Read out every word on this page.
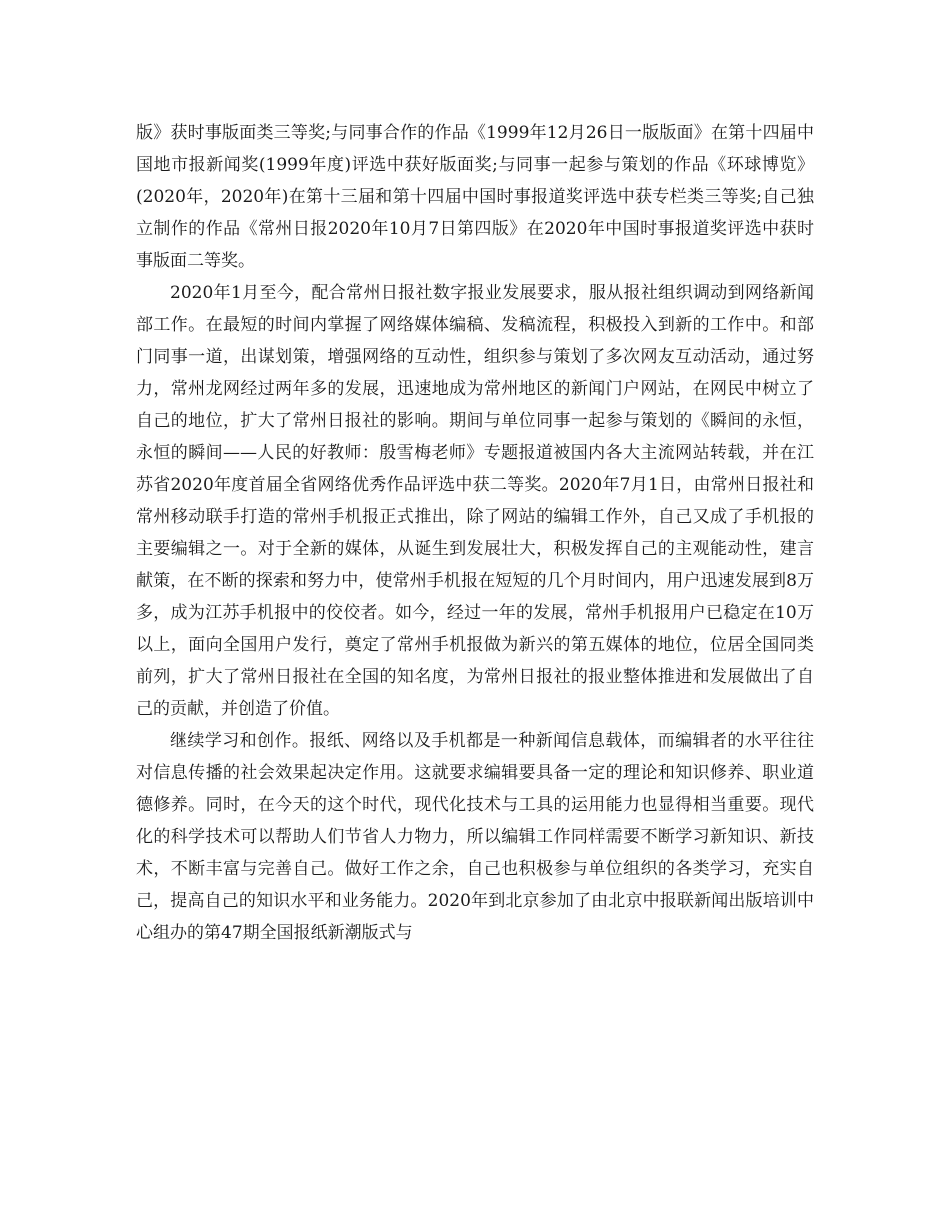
版》获时事版面类三等奖;与同事合作的作品《1999年12月26日一版版面》在第十四届中国地市报新闻奖(1999年度)评选中获好版面奖;与同事一起参与策划的作品《环球博览》(2020年，2020年)在第十三届和第十四届中国时事报道奖评选中获专栏类三等奖;自己独立制作的作品《常州日报2020年10月7日第四版》在2020年中国时事报道奖评选中获时事版面二等奖。

2020年1月至今，配合常州日报社数字报业发展要求，服从报社组织调动到网络新闻部工作。在最短的时间内掌握了网络媒体编稿、发稿流程，积极投入到新的工作中。和部门同事一道，出谋划策，增强网络的互动性，组织参与策划了多次网友互动活动，通过努力，常州龙网经过两年多的发展，迅速地成为常州地区的新闻门户网站，在网民中树立了自己的地位，扩大了常州日报社的影响。期间与单位同事一起参与策划的《瞬间的永恒，永恒的瞬间——人民的好教师：殷雪梅老师》专题报道被国内各大主流网站转载，并在江苏省2020年度首届全省网络优秀作品评选中获二等奖。2020年7月1日，由常州日报社和常州移动联手打造的常州手机报正式推出，除了网站的编辑工作外，自己又成了手机报的主要编辑之一。对于全新的媒体，从诞生到发展壮大，积极发挥自己的主观能动性，建言献策，在不断的探索和努力中，使常州手机报在短短的几个月时间内，用户迅速发展到8万多，成为江苏手机报中的佼佼者。如今，经过一年的发展，常州手机报用户已稳定在10万以上，面向全国用户发行，奠定了常州手机报做为新兴的第五媒体的地位，位居全国同类前列，扩大了常州日报社在全国的知名度，为常州日报社的报业整体推进和发展做出了自己的贡献，并创造了价值。

继续学习和创作。报纸、网络以及手机都是一种新闻信息载体，而编辑者的水平往往对信息传播的社会效果起决定作用。这就要求编辑要具备一定的理论和知识修养、职业道德修养。同时，在今天的这个时代，现代化技术与工具的运用能力也显得相当重要。现代化的科学技术可以帮助人们节省人力物力，所以编辑工作同样需要不断学习新知识、新技术，不断丰富与完善自己。做好工作之余，自己也积极参与单位组织的各类学习，充实自己，提高自己的知识水平和业务能力。2020年到北京参加了由北京中报联新闻出版培训中心组办的第47期全国报纸新潮版式与
